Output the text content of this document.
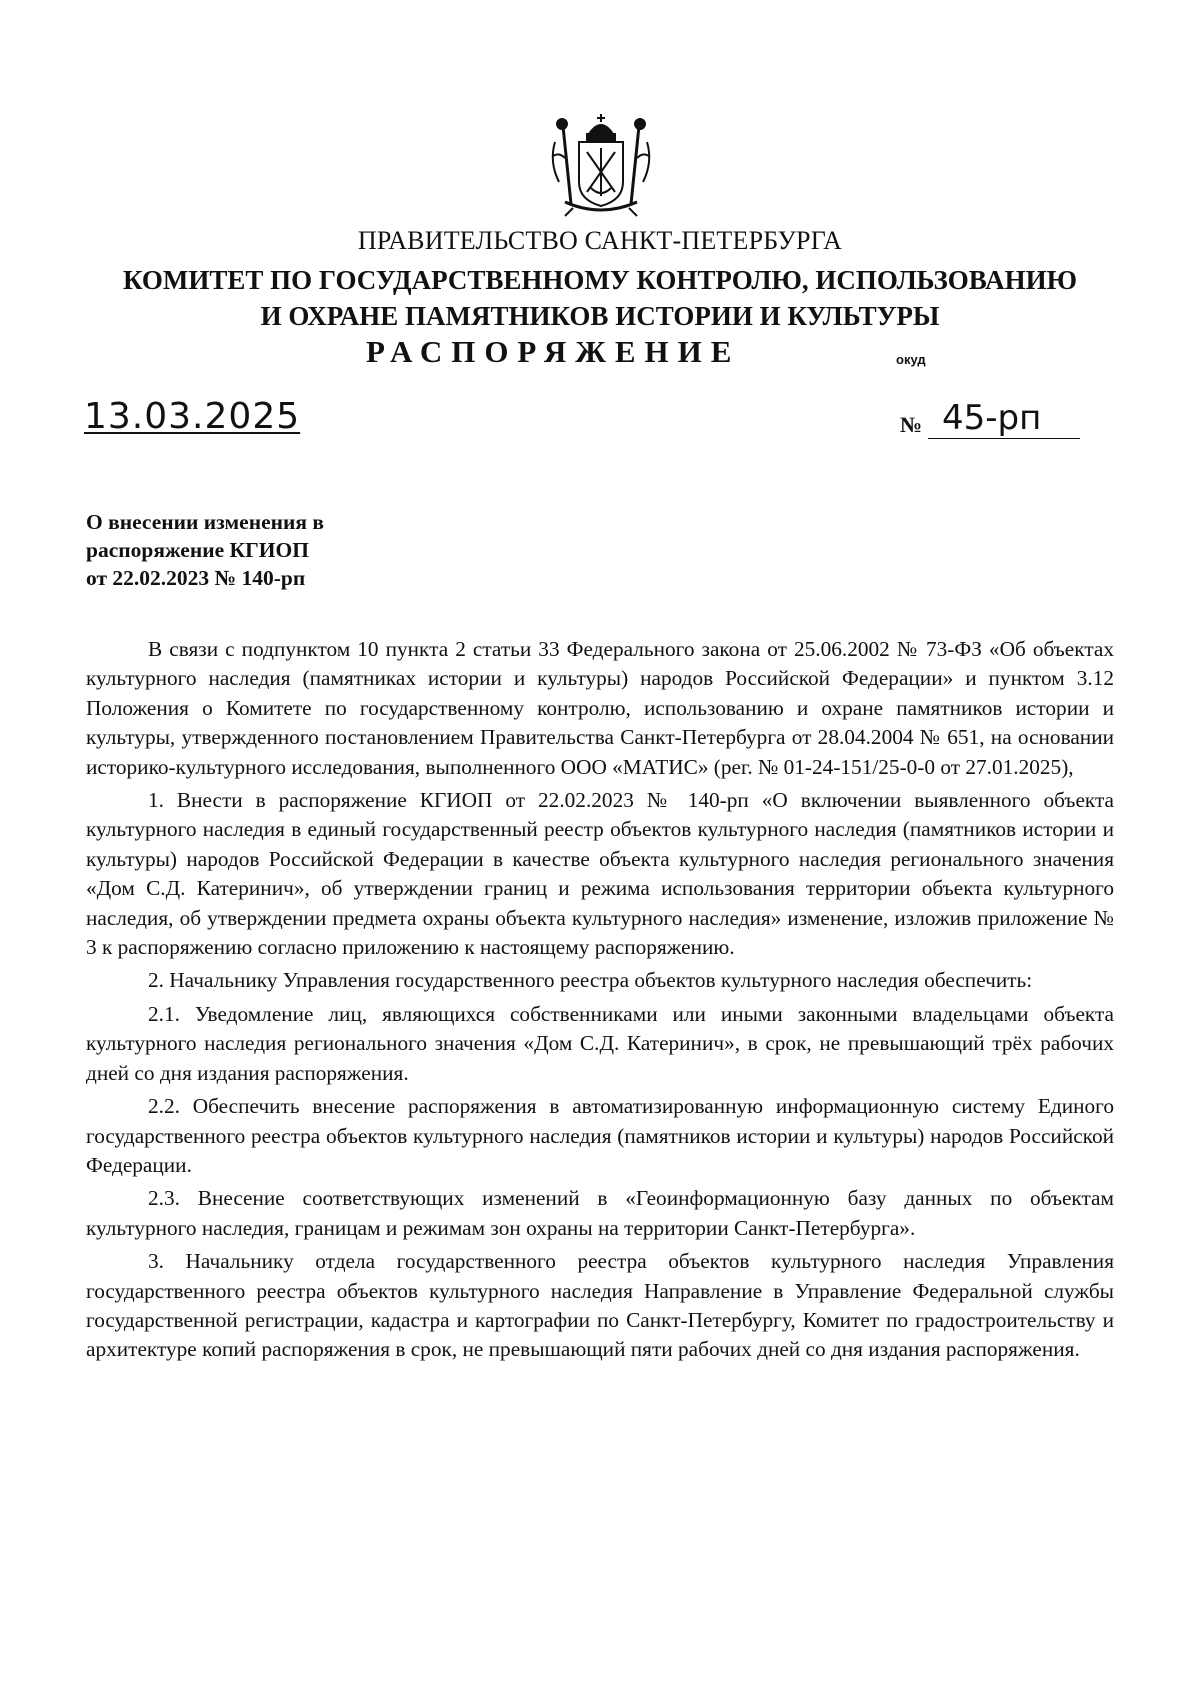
ПРАВИТЕЛЬСТВО САНКТ-ПЕТЕРБУРГА
КОМИТЕТ ПО ГОСУДАРСТВЕННОМУ КОНТРОЛЮ, ИСПОЛЬЗОВАНИЮ
И ОХРАНЕ ПАМЯТНИКОВ ИСТОРИИ И КУЛЬТУРЫ
РАСПОРЯЖЕНИЕ	окуд
13.03.2025	№ 45-рп
О внесении изменения в
распоряжение КГИОП
от 22.02.2023 № 140-рп

В связи с подпунктом 10 пункта 2 статьи 33 Федерального закона от 25.06.2002 № 73-ФЗ «Об объектах культурного наследия (памятниках истории и культуры) народов Российской Федерации» и пунктом 3.12 Положения о Комитете по государственному контролю, использованию и охране памятников истории и культуры, утвержденного постановлением Правительства Санкт-Петербурга от 28.04.2004 № 651, на основании историко-культурного исследования, выполненного ООО «МАТИС» (рег. № 01-24-151/25-0-0 от 27.01.2025),

1. Внести в распоряжение КГИОП от 22.02.2023 № 140-рп «О включении выявленного объекта культурного наследия в единый государственный реестр объектов культурного наследия (памятников истории и культуры) народов Российской Федерации в качестве объекта культурного наследия регионального значения «Дом С.Д. Катеринич», об утверждении границ и режима использования территории объекта культурного наследия, об утверждении предмета охраны объекта культурного наследия» изменение, изложив приложение № 3 к распоряжению согласно приложению к настоящему распоряжению.

2. Начальнику Управления государственного реестра объектов культурного наследия обеспечить:

2.1. Уведомление лиц, являющихся собственниками или иными законными владельцами объекта культурного наследия регионального значения «Дом С.Д. Катеринич», в срок, не превышающий трёх рабочих дней со дня издания распоряжения.

2.2. Обеспечить внесение распоряжения в автоматизированную информационную систему Единого государственного реестра объектов культурного наследия (памятников истории и культуры) народов Российской Федерации.

2.3. Внесение соответствующих изменений в «Геоинформационную базу данных по объектам культурного наследия, границам и режимам зон охраны на территории Санкт-Петербурга».

3. Начальнику отдела государственного реестра объектов культурного наследия Управления государственного реестра объектов культурного наследия Направление в Управление Федеральной службы государственной регистрации, кадастра и картографии по Санкт-Петербургу, Комитет по градостроительству и архитектуре копий распоряжения в срок, не превышающий пяти рабочих дней со дня издания распоряжения.
